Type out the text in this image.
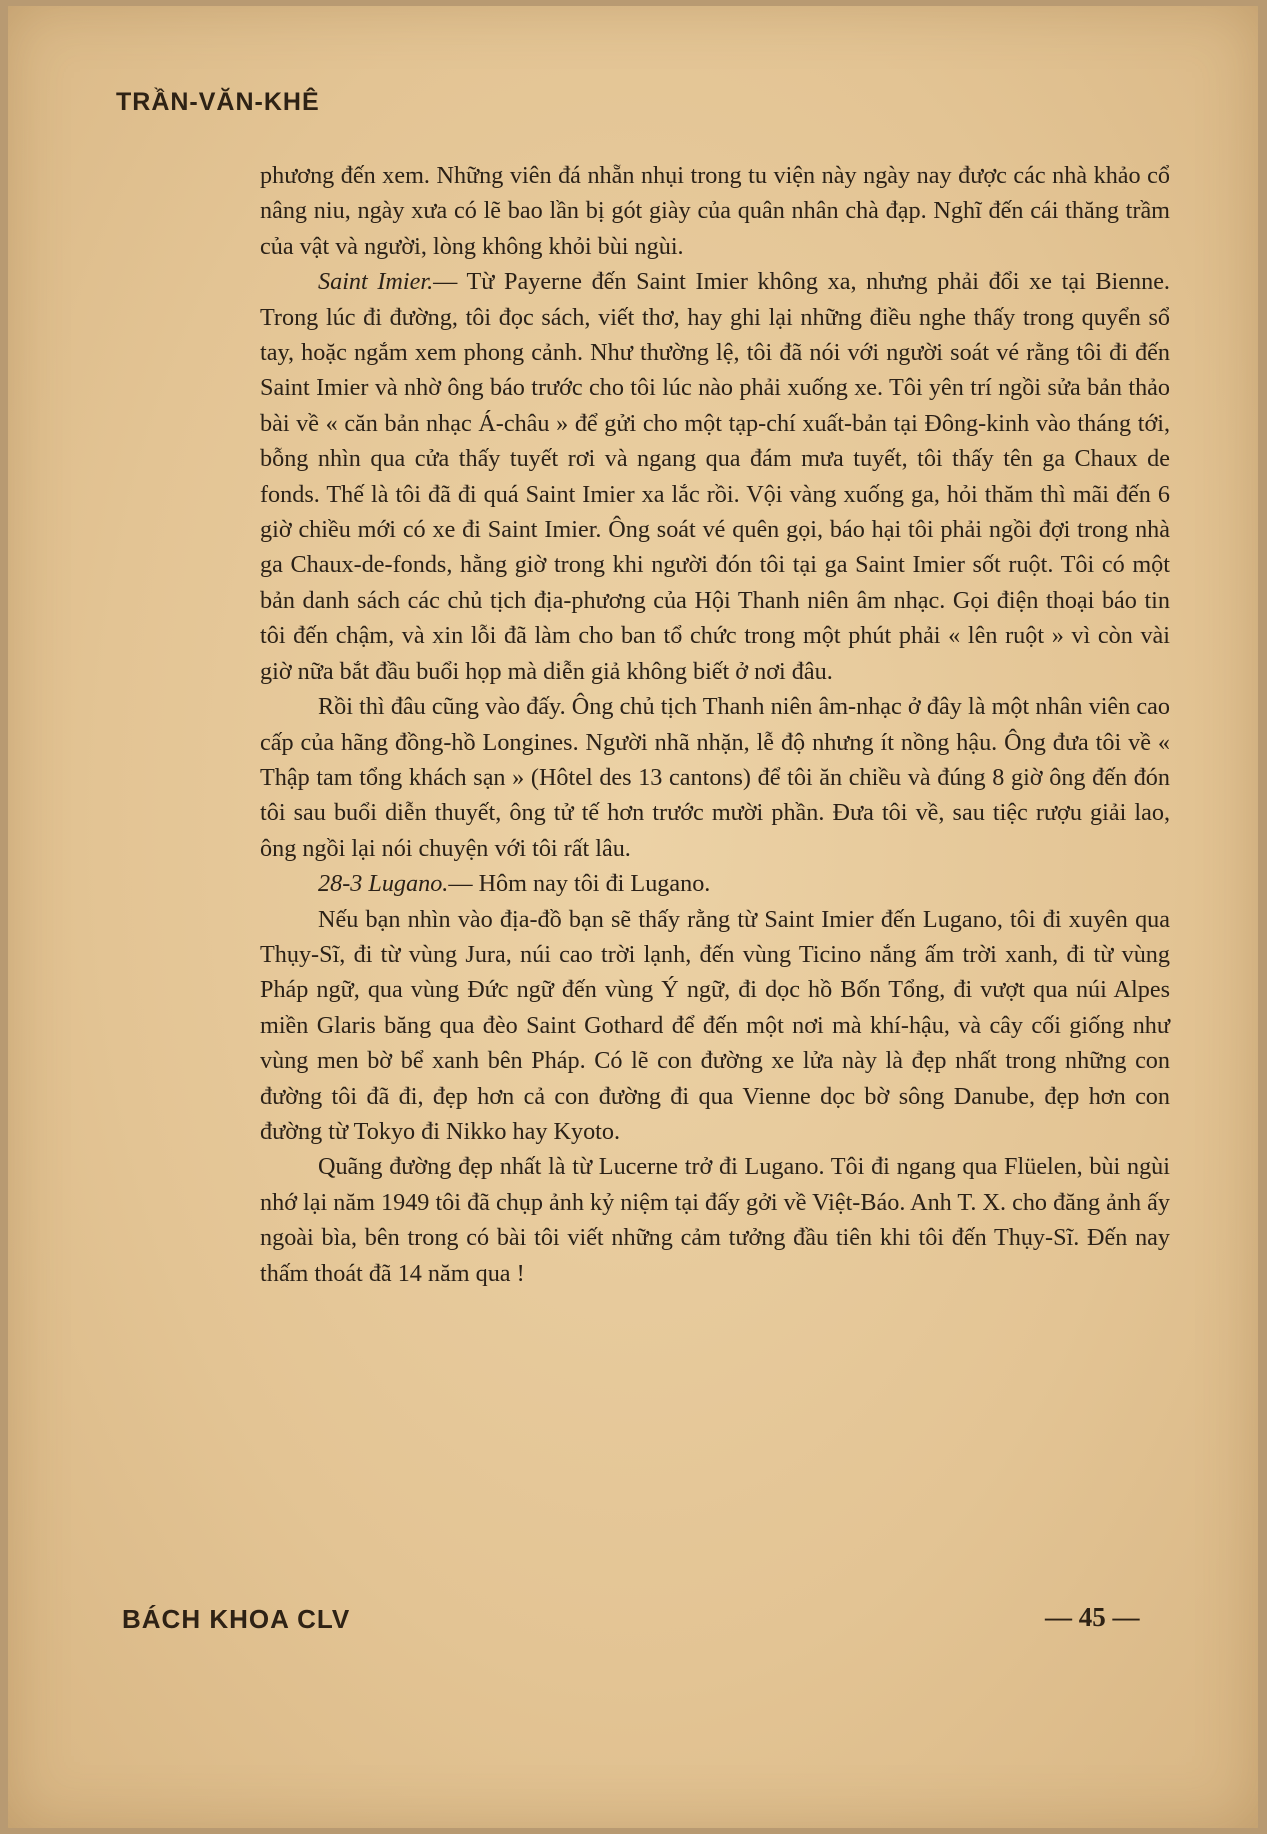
TRẦN-VĂN-KHÊ

phương đến xem. Những viên đá nhẵn nhụi trong tu viện này ngày nay được các nhà khảo cổ nâng niu, ngày xưa có lẽ bao lần bị gót giày của quân nhân chà đạp. Nghĩ đến cái thăng trầm của vật và người, lòng không khỏi bùi ngùi.

Saint Imier.— Từ Payerne đến Saint Imier không xa, nhưng phải đổi xe tại Bienne. Trong lúc đi đường, tôi đọc sách, viết thơ, hay ghi lại những điều nghe thấy trong quyển sổ tay, hoặc ngắm xem phong cảnh. Như thường lệ, tôi đã nói với người soát vé rằng tôi đi đến Saint Imier và nhờ ông báo trước cho tôi lúc nào phải xuống xe. Tôi yên trí ngồi sửa bản thảo bài về « căn bản nhạc Á-châu » để gửi cho một tạp-chí xuất-bản tại Đông-kinh vào tháng tới, bỗng nhìn qua cửa thấy tuyết rơi và ngang qua đám mưa tuyết, tôi thấy tên ga Chaux de fonds. Thế là tôi đã đi quá Saint Imier xa lắc rồi. Vội vàng xuống ga, hỏi thăm thì mãi đến 6 giờ chiều mới có xe đi Saint Imier. Ông soát vé quên gọi, báo hại tôi phải ngồi đợi trong nhà ga Chaux-de-fonds, hằng giờ trong khi người đón tôi tại ga Saint Imier sốt ruột. Tôi có một bản danh sách các chủ tịch địa-phương của Hội Thanh niên âm nhạc. Gọi điện thoại báo tin tôi đến chậm, và xin lỗi đã làm cho ban tổ chức trong một phút phải « lên ruột » vì còn vài giờ nữa bắt đầu buổi họp mà diễn giả không biết ở nơi đâu.

Rồi thì đâu cũng vào đấy. Ông chủ tịch Thanh niên âm-nhạc ở đây là một nhân viên cao cấp của hãng đồng-hồ Longines. Người nhã nhặn, lễ độ nhưng ít nồng hậu. Ông đưa tôi về « Thập tam tổng khách sạn » (Hôtel des 13 cantons) để tôi ăn chiều và đúng 8 giờ ông đến đón tôi sau buổi diễn thuyết, ông tử tế hơn trước mười phần. Đưa tôi về, sau tiệc rượu giải lao, ông ngồi lại nói chuyện với tôi rất lâu.

28-3 Lugano.— Hôm nay tôi đi Lugano.

Nếu bạn nhìn vào địa-đồ bạn sẽ thấy rằng từ Saint Imier đến Lugano, tôi đi xuyên qua Thụy-Sĩ, đi từ vùng Jura, núi cao trời lạnh, đến vùng Ticino nắng ấm trời xanh, đi từ vùng Pháp ngữ, qua vùng Đức ngữ đến vùng Ý ngữ, đi dọc hồ Bốn Tổng, đi vượt qua núi Alpes miền Glaris băng qua đèo Saint Gothard để đến một nơi mà khí-hậu, và cây cối giống như vùng men bờ bể xanh bên Pháp. Có lẽ con đường xe lửa này là đẹp nhất trong những con đường tôi đã đi, đẹp hơn cả con đường đi qua Vienne dọc bờ sông Danube, đẹp hơn con đường từ Tokyo đi Nikko hay Kyoto.

Quãng đường đẹp nhất là từ Lucerne trở đi Lugano. Tôi đi ngang qua Flüelen, bùi ngùi nhớ lại năm 1949 tôi đã chụp ảnh kỷ niệm tại đấy gởi về Việt-Báo. Anh T. X. cho đăng ảnh ấy ngoài bìa, bên trong có bài tôi viết những cảm tưởng đầu tiên khi tôi đến Thụy-Sĩ. Đến nay thấm thoát đã 14 năm qua !

BÁCH KHOA CLV	— 45 —
